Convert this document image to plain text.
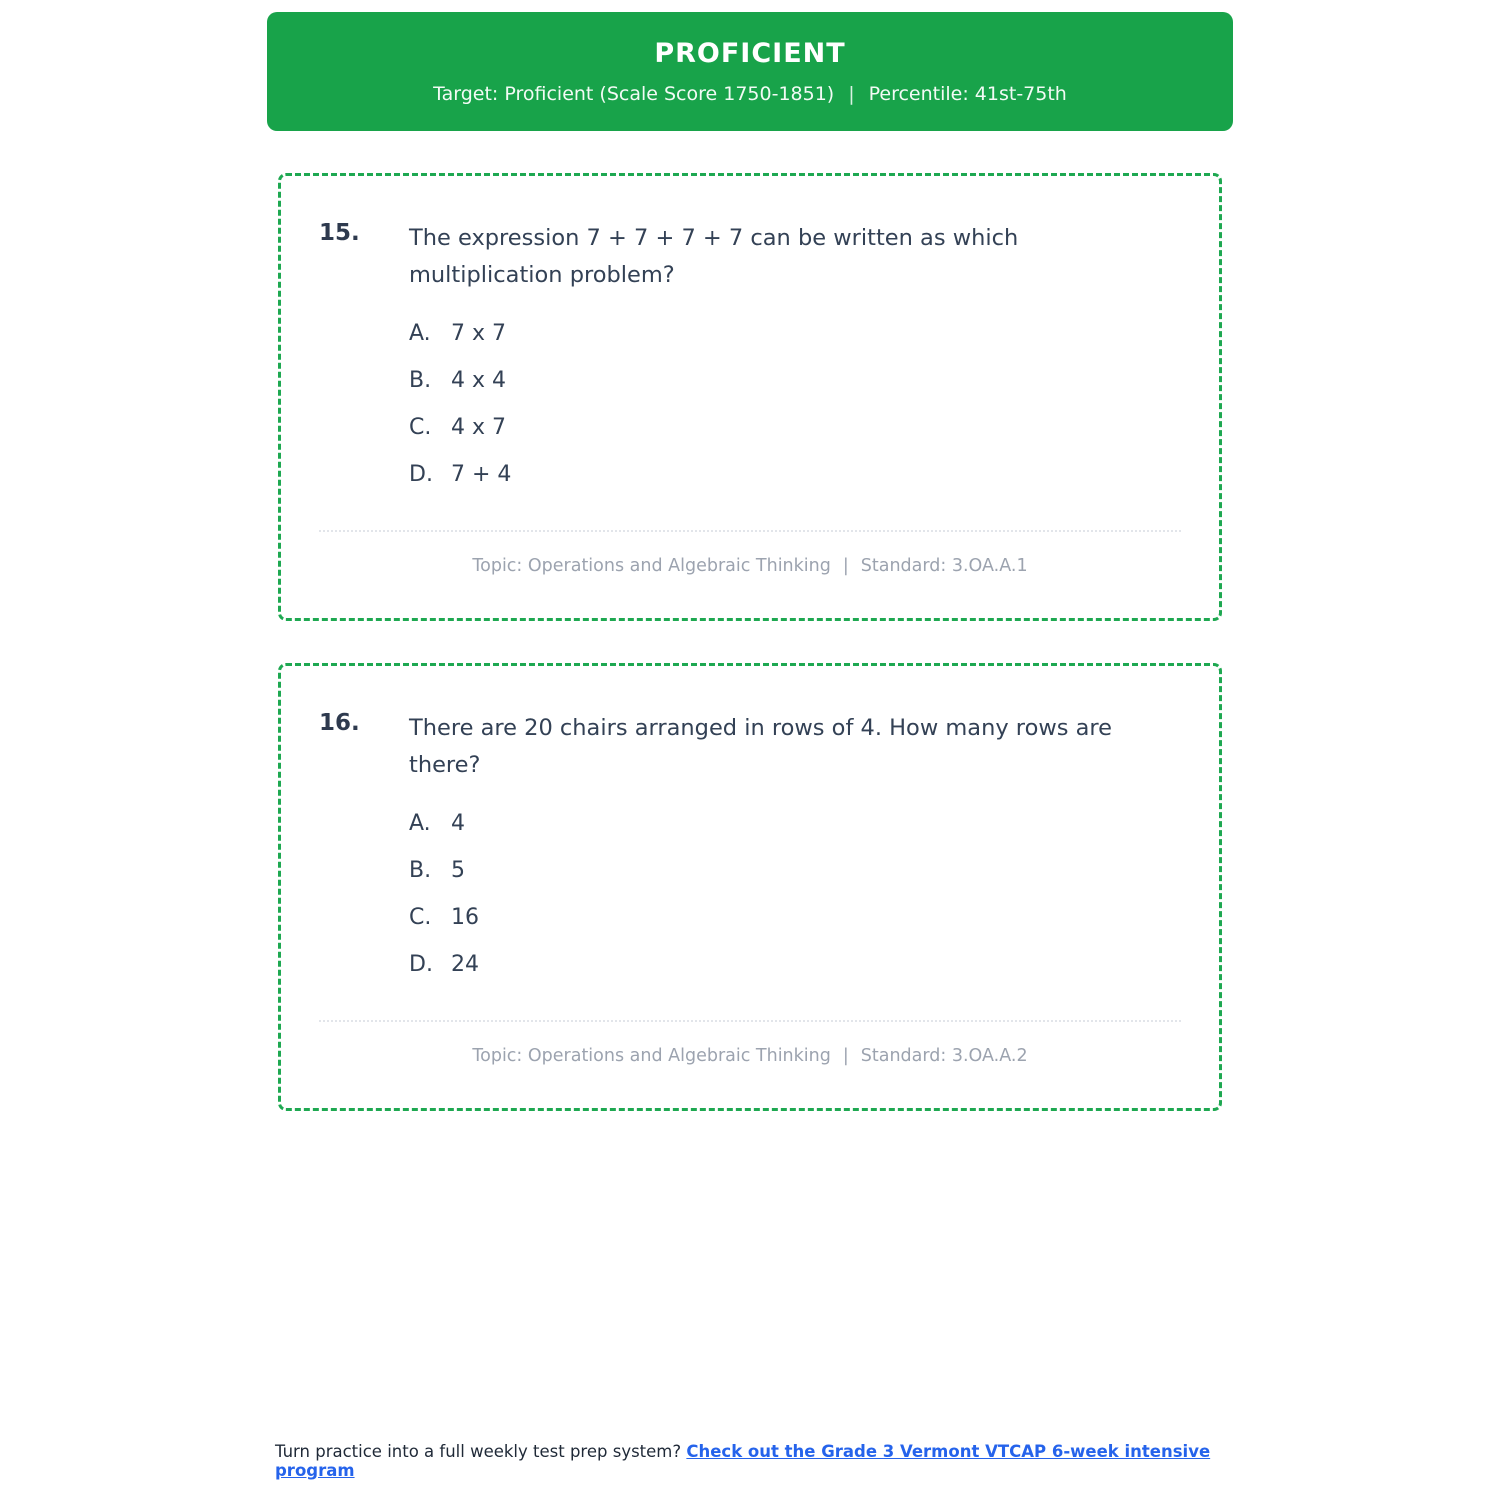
PROFICIENT
Target: Proficient (Scale Score 1750-1851) | Percentile: 41st-75th
15.	The expression 7 + 7 + 7 + 7 can be written as which multiplication problem?
A. 7 x 7
B. 4 x 4
C. 4 x 7
D. 7 + 4
Topic: Operations and Algebraic Thinking | Standard: 3.OA.A.1
16.	There are 20 chairs arranged in rows of 4. How many rows are there?
A. 4
B. 5
C. 16
D. 24
Topic: Operations and Algebraic Thinking | Standard: 3.OA.A.2
Turn practice into a full weekly test prep system? Check out the Grade 3 Vermont VTCAP 6-week intensive program
